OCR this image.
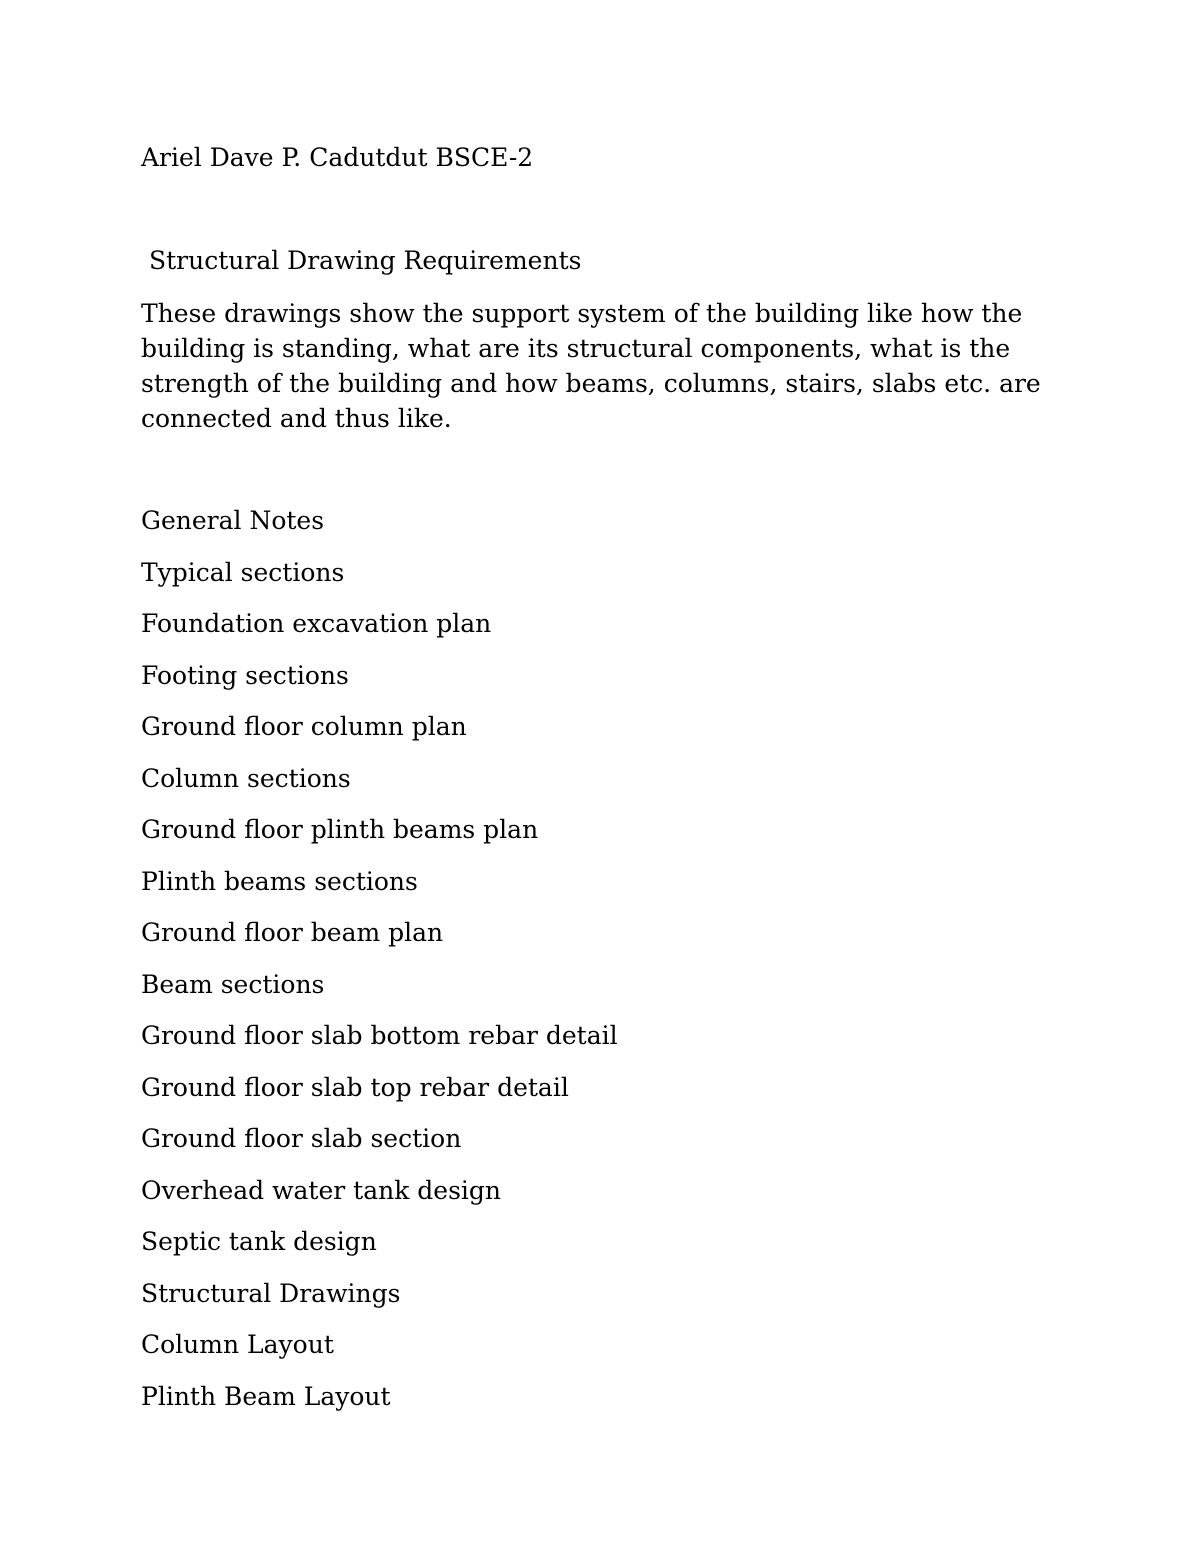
Ariel Dave P. Cadutdut BSCE-2
Structural Drawing Requirements

These drawings show the support system of the building like how the building is standing, what are its structural components, what is the strength of the building and how beams, columns, stairs, slabs etc. are connected and thus like.

General Notes
Typical sections
Foundation excavation plan
Footing sections
Ground floor column plan
Column sections
Ground floor plinth beams plan
Plinth beams sections
Ground floor beam plan
Beam sections
Ground floor slab bottom rebar detail
Ground floor slab top rebar detail
Ground floor slab section
Overhead water tank design
Septic tank design
Structural Drawings
Column Layout
Plinth Beam Layout
